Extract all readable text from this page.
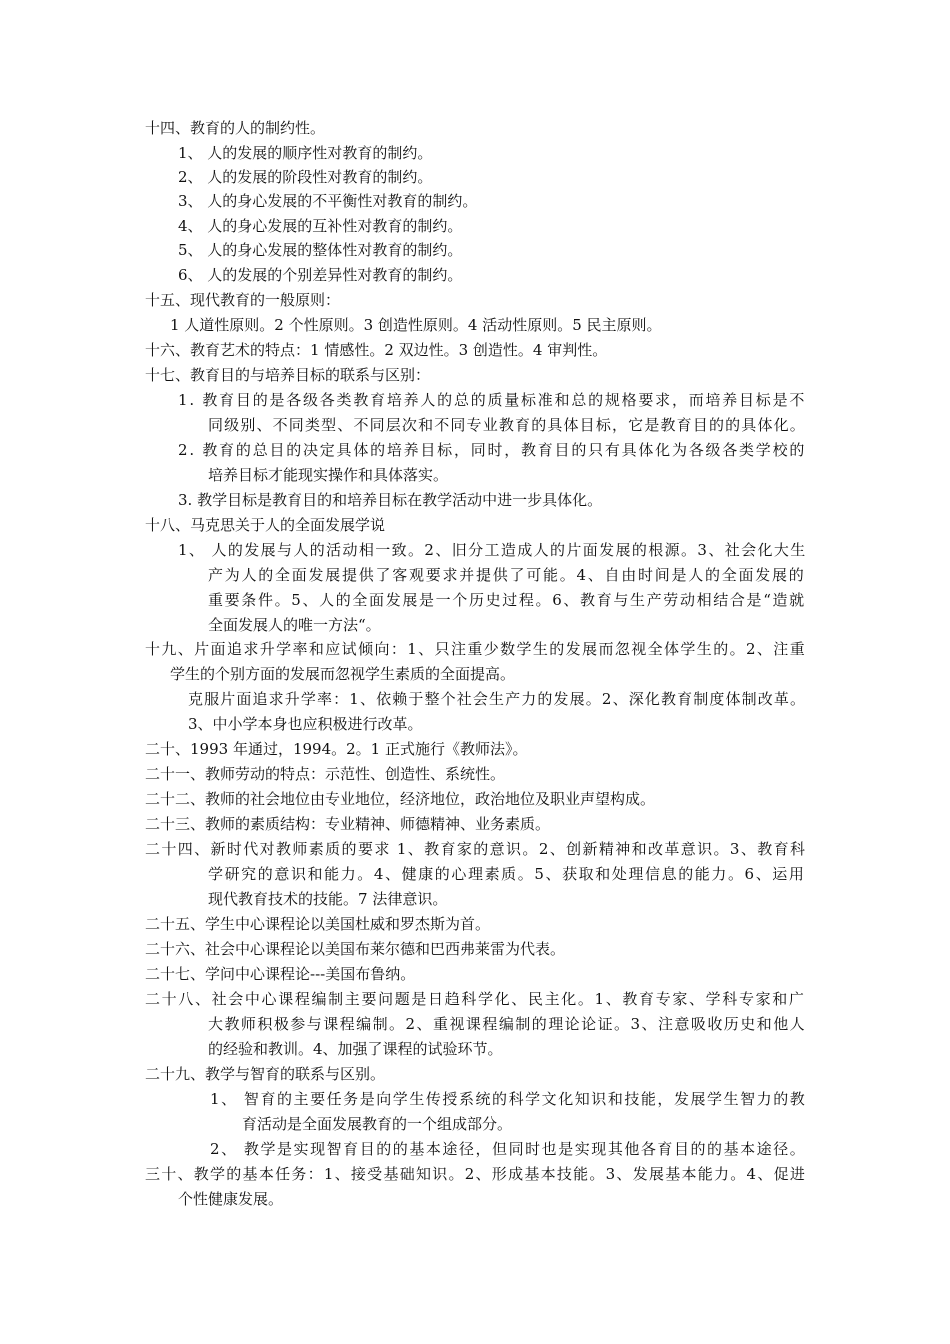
十四、教育的人的制约性。
1、 人的发展的顺序性对教育的制约。
2、 人的发展的阶段性对教育的制约。
3、 人的身心发展的不平衡性对教育的制约。
4、 人的身心发展的互补性对教育的制约。
5、 人的身心发展的整体性对教育的制约。
6、 人的发展的个别差异性对教育的制约。
十五、现代教育的一般原则：
1 人道性原则。2 个性原则。3 创造性原则。4 活动性原则。5 民主原则。
十六、教育艺术的特点：1 情感性。2 双边性。3 创造性。4 审判性。
十七、教育目的与培养目标的联系与区别：
1. 教育目的是各级各类教育培养人的总的质量标准和总的规格要求，而培养目标是不
同级别、不同类型、不同层次和不同专业教育的具体目标，它是教育目的的具体化。
2. 教育的总目的决定具体的培养目标，同时，教育目的只有具体化为各级各类学校的
培养目标才能现实操作和具体落实。
3. 教学目标是教育目的和培养目标在教学活动中进一步具体化。
十八、马克思关于人的全面发展学说
1、 人的发展与人的活动相一致。2、旧分工造成人的片面发展的根源。3、社会化大生
产为人的全面发展提供了客观要求并提供了可能。4、自由时间是人的全面发展的
重要条件。5、人的全面发展是一个历史过程。6、教育与生产劳动相结合是“造就
全面发展人的唯一方法“。
十九、片面追求升学率和应试倾向：1、只注重少数学生的发展而忽视全体学生的。2、注重
学生的个别方面的发展而忽视学生素质的全面提高。
克服片面追求升学率：1、依赖于整个社会生产力的发展。2、深化教育制度体制改革。
3、中小学本身也应积极进行改革。
二十、1993 年通过，1994。2。1 正式施行《教师法》。
二十一、教师劳动的特点：示范性、创造性、系统性。
二十二、教师的社会地位由专业地位，经济地位，政治地位及职业声望构成。
二十三、教师的素质结构：专业精神、师德精神、业务素质。
二十四、新时代对教师素质的要求 1、教育家的意识。2、创新精神和改革意识。3、教育科
学研究的意识和能力。4、健康的心理素质。5、获取和处理信息的能力。6、运用
现代教育技术的技能。7 法律意识。
二十五、学生中心课程论以美国杜威和罗杰斯为首。
二十六、社会中心课程论以美国布莱尔德和巴西弗莱雷为代表。
二十七、学问中心课程论---美国布鲁纳。
二十八、社会中心课程编制主要问题是日趋科学化、民主化。1、教育专家、学科专家和广
大教师积极参与课程编制。2、重视课程编制的理论论证。3、注意吸收历史和他人
的经验和教训。4、加强了课程的试验环节。
二十九、教学与智育的联系与区别。
1、 智育的主要任务是向学生传授系统的科学文化知识和技能，发展学生智力的教
育活动是全面发展教育的一个组成部分。
2、 教学是实现智育目的的基本途径，但同时也是实现其他各育目的的基本途径。
三十、教学的基本任务：1、接受基础知识。2、形成基本技能。3、发展基本能力。4、促进
个性健康发展。
